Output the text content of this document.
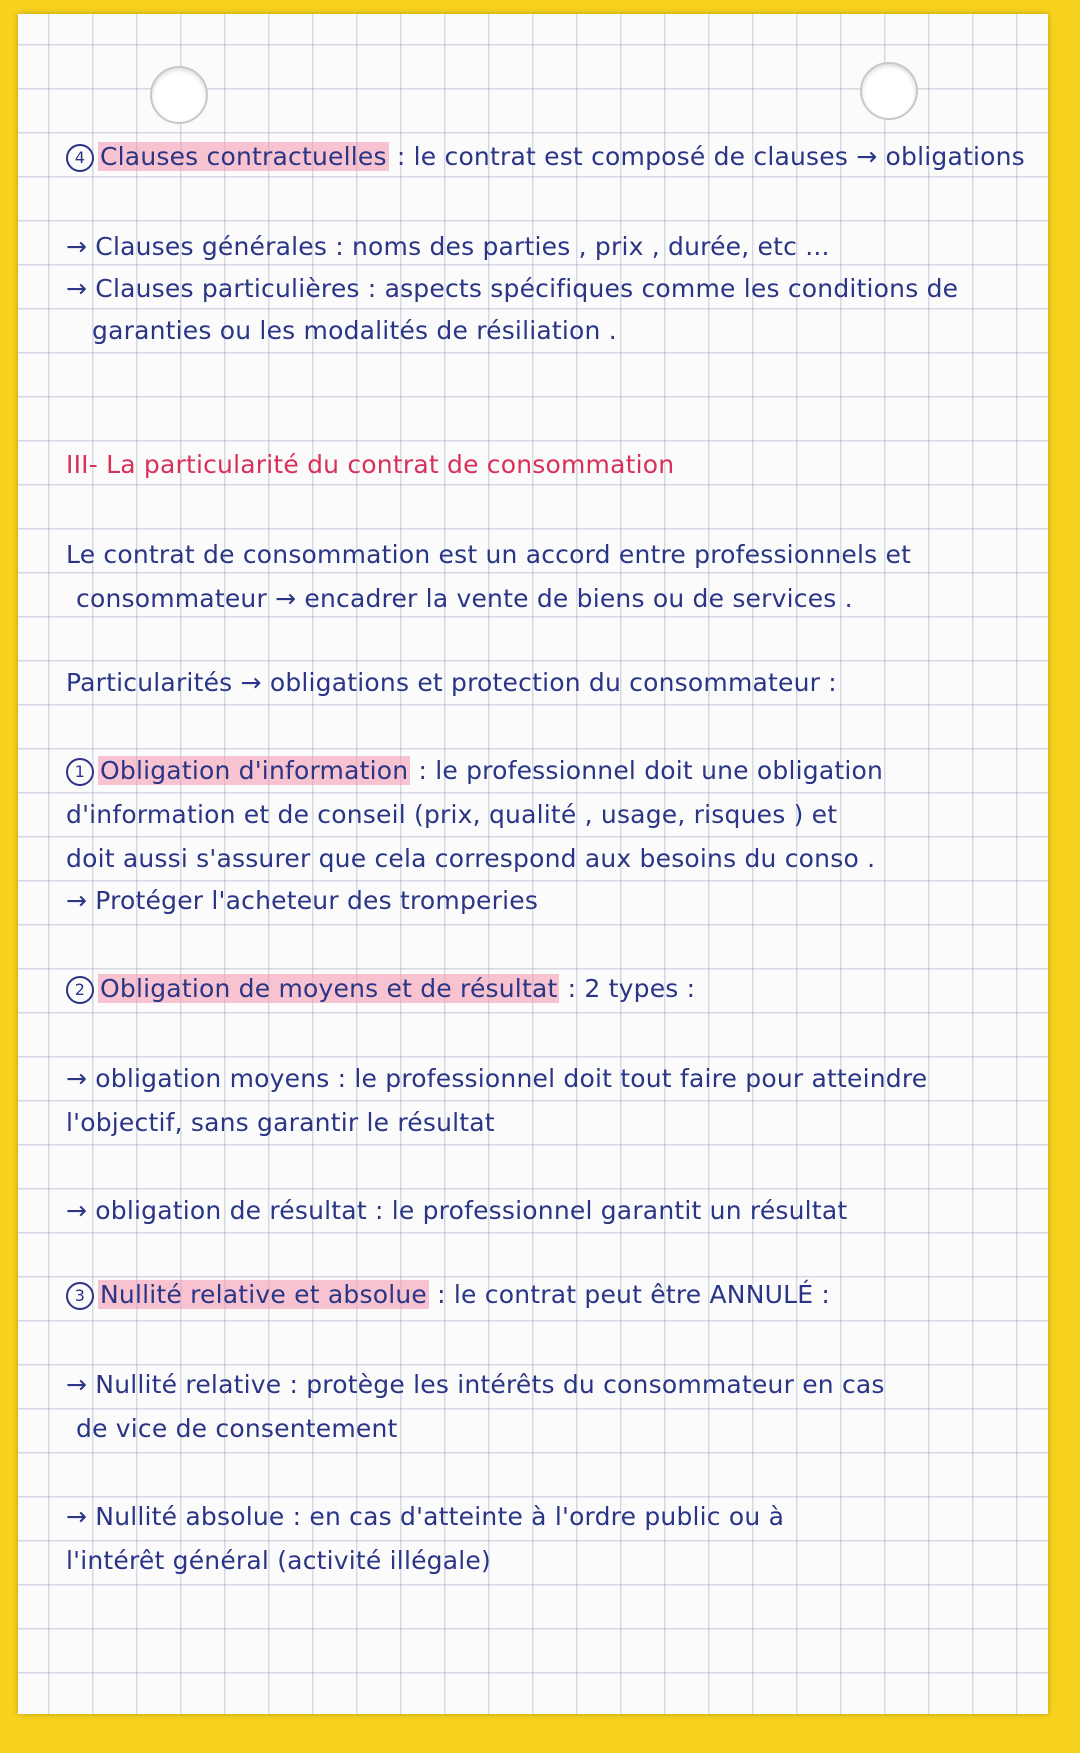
4 Clauses contractuelles : le contrat est composé de clauses → obligations
→ Clauses générales : noms des parties , prix , durée, etc ...
→ Clauses particulières : aspects spécifiques comme les conditions de
garanties ou les modalités de résiliation .
III- La particularité du contrat de consommation
Le contrat de consommation est un accord entre professionnels et
consommateur → encadrer la vente de biens ou de services .
Particularités → obligations et protection du consommateur :
1 Obligation d'information : le professionnel doit une obligation
d'information et de conseil (prix, qualité , usage, risques ) et
doit aussi s'assurer que cela correspond aux besoins du conso .
→ Protéger l'acheteur des tromperies
2 Obligation de moyens et de résultat : 2 types :
→ obligation moyens : le professionnel doit tout faire pour atteindre
l'objectif, sans garantir le résultat
→ obligation de résultat : le professionnel garantit un résultat
3 Nullité relative et absolue : le contrat peut être ANNULÉ :
→ Nullité relative : protège les intérêts du consommateur en cas
de vice de consentement
→ Nullité absolue : en cas d'atteinte à l'ordre public ou à
l'intérêt général (activité illégale)
